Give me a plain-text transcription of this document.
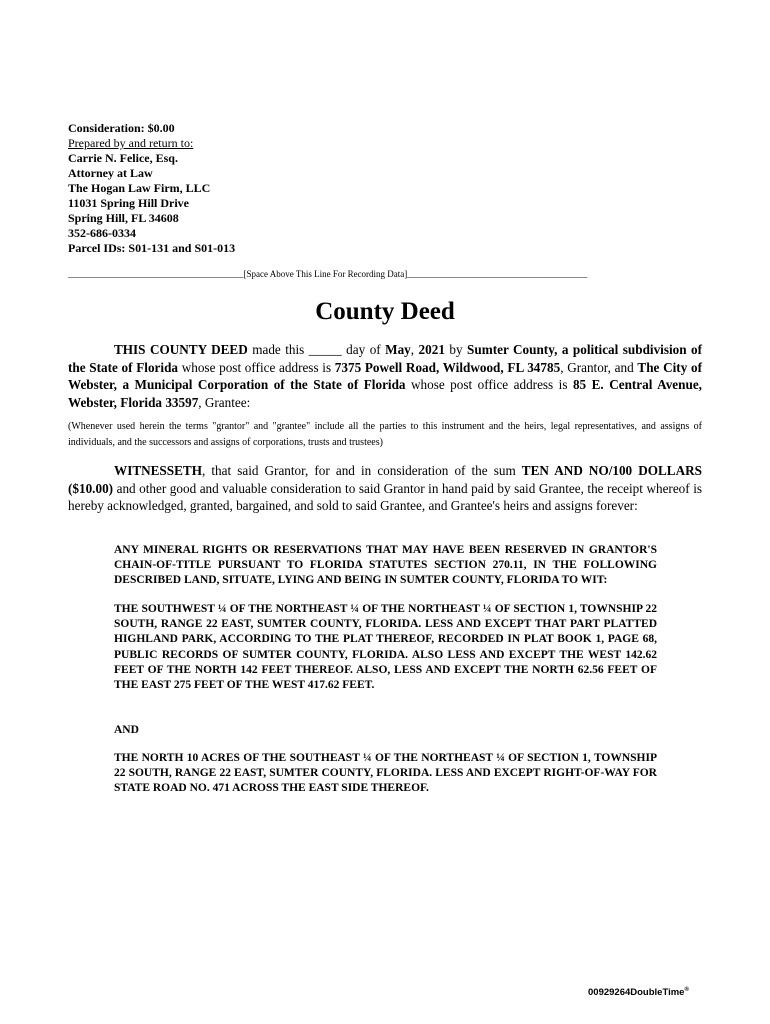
Consideration: $0.00
Prepared by and return to:
Carrie N. Felice, Esq.
Attorney at Law
The Hogan Law Firm, LLC
11031 Spring Hill Drive
Spring Hill, FL 34608
352-686-0334
Parcel IDs: S01-131 and S01-013
_______________________________________[Space Above This Line For Recording Data]________________________________________
County Deed
THIS COUNTY DEED made this _____ day of May, 2021 by Sumter County, a political subdivision of the State of Florida whose post office address is 7375 Powell Road, Wildwood, FL 34785, Grantor, and The City of Webster, a Municipal Corporation of the State of Florida whose post office address is 85 E. Central Avenue, Webster, Florida 33597, Grantee:
(Whenever used herein the terms "grantor" and "grantee" include all the parties to this instrument and the heirs, legal representatives, and assigns of individuals, and the successors and assigns of corporations, trusts and trustees)
WITNESSETH, that said Grantor, for and in consideration of the sum TEN AND NO/100 DOLLARS ($10.00) and other good and valuable consideration to said Grantor in hand paid by said Grantee, the receipt whereof is hereby acknowledged, granted, bargained, and sold to said Grantee, and Grantee's heirs and assigns forever:
ANY MINERAL RIGHTS OR RESERVATIONS THAT MAY HAVE BEEN RESERVED IN GRANTOR'S CHAIN-OF-TITLE PURSUANT TO FLORIDA STATUTES SECTION 270.11, IN THE FOLLOWING DESCRIBED LAND, SITUATE, LYING AND BEING IN SUMTER COUNTY, FLORIDA TO WIT:
THE SOUTHWEST ¼ OF THE NORTHEAST ¼ OF THE NORTHEAST ¼ OF SECTION 1, TOWNSHIP 22 SOUTH, RANGE 22 EAST, SUMTER COUNTY, FLORIDA. LESS AND EXCEPT THAT PART PLATTED HIGHLAND PARK, ACCORDING TO THE PLAT THEREOF, RECORDED IN PLAT BOOK 1, PAGE 68, PUBLIC RECORDS OF SUMTER COUNTY, FLORIDA. ALSO LESS AND EXCEPT THE WEST 142.62 FEET OF THE NORTH 142 FEET THEREOF. ALSO, LESS AND EXCEPT THE NORTH 62.56 FEET OF THE EAST 275 FEET OF THE WEST 417.62 FEET.
AND
THE NORTH 10 ACRES OF THE SOUTHEAST ¼ OF THE NORTHEAST ¼ OF SECTION 1, TOWNSHIP 22 SOUTH, RANGE 22 EAST, SUMTER COUNTY, FLORIDA. LESS AND EXCEPT RIGHT-OF-WAY FOR STATE ROAD NO. 471 ACROSS THE EAST SIDE THEREOF.
00929264DoubleTime®
